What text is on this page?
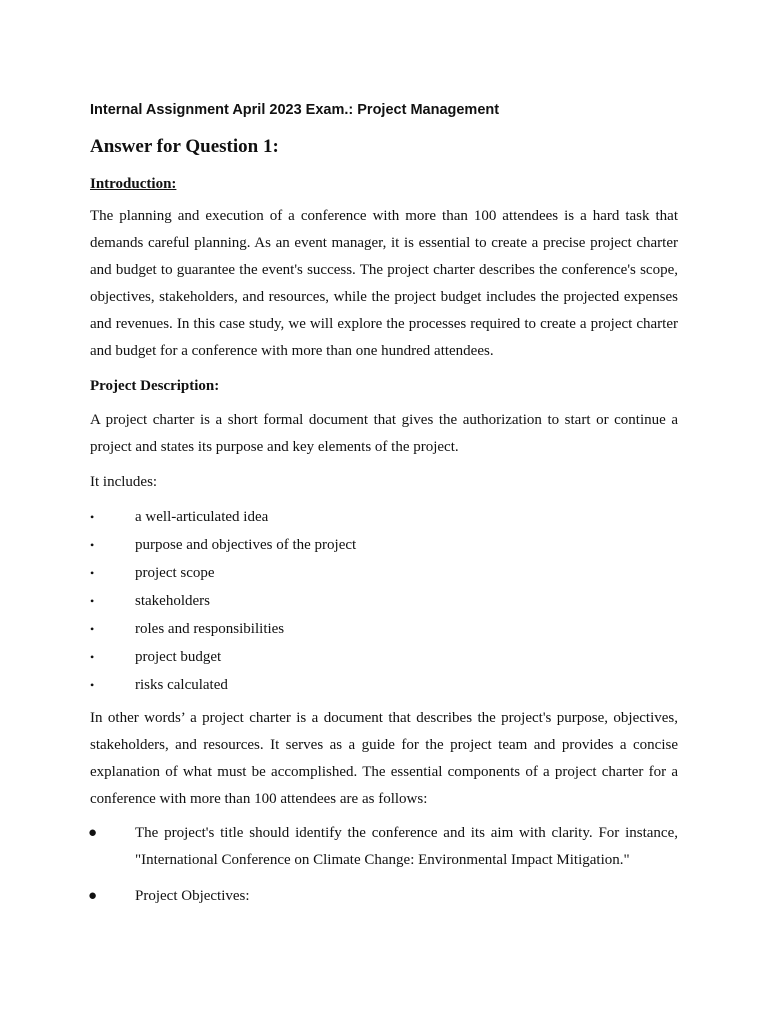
Internal Assignment April 2023 Exam.: Project Management
Answer for Question 1:
Introduction:
The planning and execution of a conference with more than 100 attendees is a hard task that
demands careful planning. As an event manager, it is essential to create a precise project charter
and budget to guarantee the event's success. The project charter describes the conference's scope,
objectives, stakeholders, and resources, while the project budget includes the projected expenses
and revenues. In this case study, we will explore the processes required to create a project charter
and budget for a conference with more than one hundred attendees.
Project Description:
A project charter is a short formal document that gives the authorization to start or continue a
project and states its purpose and key elements of the project.
It includes:
•	a well-articulated idea
•	purpose and objectives of the project
•	project scope
•	stakeholders
•	roles and responsibilities
•	project budget
•	risks calculated
In other words’ a project charter is a document that describes the project's purpose, objectives,
stakeholders, and resources. It serves as a guide for the project team and provides a concise
explanation of what must be accomplished. The essential components of a project charter for a
conference with more than 100 attendees are as follows:
●	The project's title should identify the conference and its aim with clarity. For instance,
"International Conference on Climate Change: Environmental Impact Mitigation."
●	Project Objectives:
